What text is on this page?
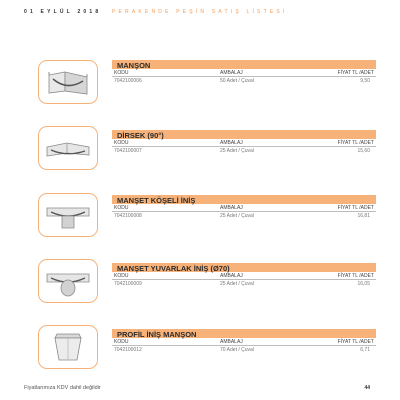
01 EYLÜL 2018 PERAKENDE PEŞİN SATIŞ LİSTESİ
MANŞON
KODU	AMBALAJ	FİYAT TL /ADET
7042100006	50 Adet / Çuval	9,50
DİRSEK (90°)
KODU	AMBALAJ	FİYAT TL /ADET
7042100007	25 Adet / Çuval	15,60
MANŞET KÖŞELİ İNİŞ
KODU	AMBALAJ	FİYAT TL /ADET
7042100008	25 Adet / Çuval	16,81
MANŞET YUVARLAK İNİŞ (Ø70)
KODU	AMBALAJ	FİYAT TL /ADET
7042100009	25 Adet / Çuval	16,05
PROFİL İNİŞ MANŞON
KODU	AMBALAJ	FİYAT TL /ADET
7042100012	70 Adet / Çuval	6,71
Fiyatlarımıza KDV dahil değildir	44
